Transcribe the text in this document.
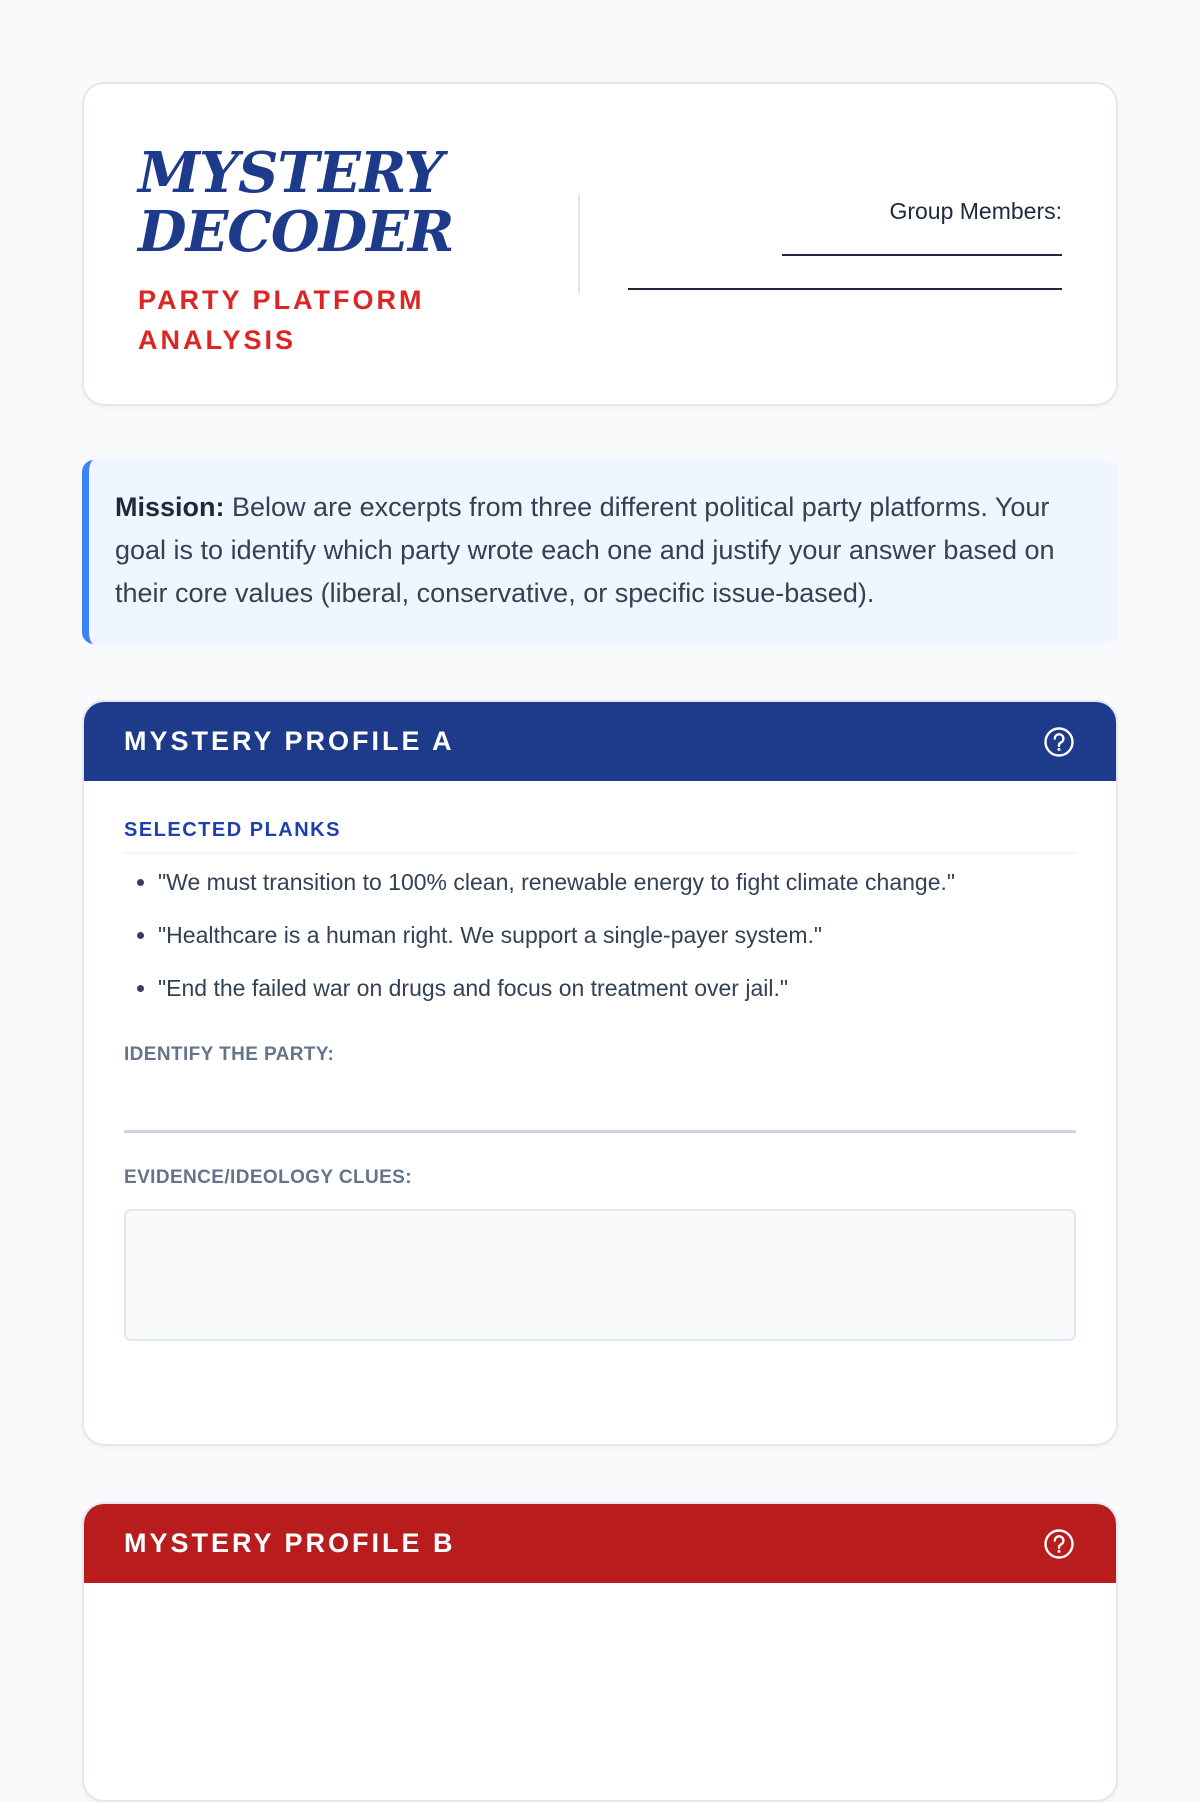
MYSTERY
DECODER
PARTY PLATFORM ANALYSIS
Group Members:
Mission: Below are excerpts from three different political party platforms. Your goal is to identify which party wrote each one and justify your answer based on their core values (liberal, conservative, or specific issue-based).
MYSTERY PROFILE A
SELECTED PLANKS
• "We must transition to 100% clean, renewable energy to fight climate change."
• "Healthcare is a human right. We support a single-payer system."
• "End the failed war on drugs and focus on treatment over jail."
IDENTIFY THE PARTY:
EVIDENCE/IDEOLOGY CLUES:
MYSTERY PROFILE B
